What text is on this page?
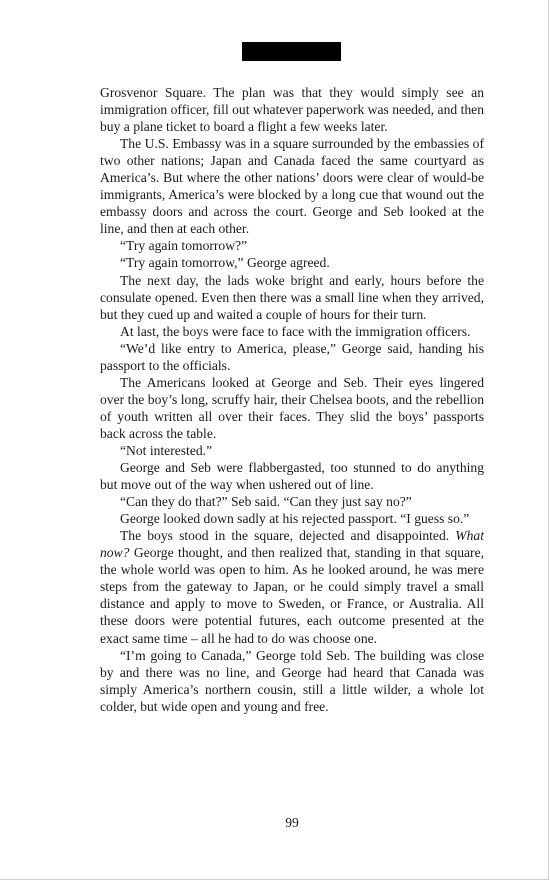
Grosvenor Square. The plan was that they would simply see an immigration officer, fill out whatever paperwork was needed, and then buy a plane ticket to board a flight a few weeks later.

The U.S. Embassy was in a square surrounded by the embassies of two other nations; Japan and Canada faced the same courtyard as America’s. But where the other nations’ doors were clear of would-be immigrants, America’s were blocked by a long cue that wound out the embassy doors and across the court. George and Seb looked at the line, and then at each other.

“Try again tomorrow?”

“Try again tomorrow,” George agreed.

The next day, the lads woke bright and early, hours before the consulate opened. Even then there was a small line when they arrived, but they cued up and waited a couple of hours for their turn.

At last, the boys were face to face with the immigration officers.

“We’d like entry to America, please,” George said, handing his passport to the officials.

The Americans looked at George and Seb. Their eyes lingered over the boy’s long, scruffy hair, their Chelsea boots, and the rebellion of youth written all over their faces. They slid the boys’ passports back across the table.

“Not interested.”

George and Seb were flabbergasted, too stunned to do anything but move out of the way when ushered out of line.

“Can they do that?” Seb said. “Can they just say no?”

George looked down sadly at his rejected passport. “I guess so.”

The boys stood in the square, dejected and disappointed. What now? George thought, and then realized that, standing in that square, the whole world was open to him. As he looked around, he was mere steps from the gateway to Japan, or he could simply travel a small distance and apply to move to Sweden, or France, or Australia. All these doors were potential futures, each outcome presented at the exact same time – all he had to do was choose one.

“I’m going to Canada,” George told Seb. The building was close by and there was no line, and George had heard that Canada was simply America’s northern cousin, still a little wilder, a whole lot colder, but wide open and young and free.

99
